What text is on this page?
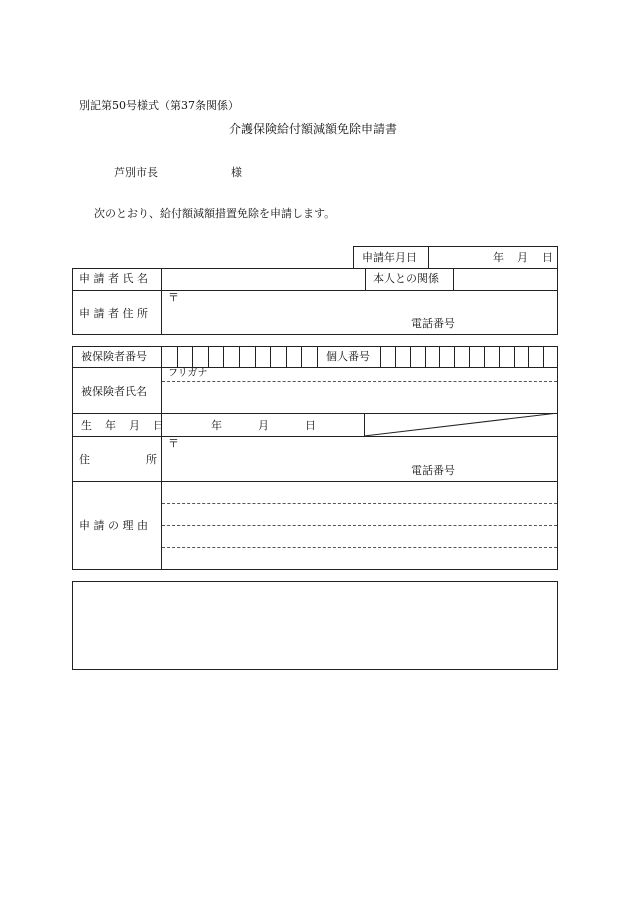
別記第50号様式（第37条関係）
介護保険給付額減額免除申請書
芦別市長	様
次のとおり、給付額減額措置免除を申請します。
申請年月日	年 月 日
申 請 者 氏 名	本人との関係
申 請 者 住 所
〒
電話番号
被保険者番号	個人番号
フリガナ
被保険者氏名
生　年　月　日	年	月	日
住	所
〒
電話番号
申 請 の 理 由
